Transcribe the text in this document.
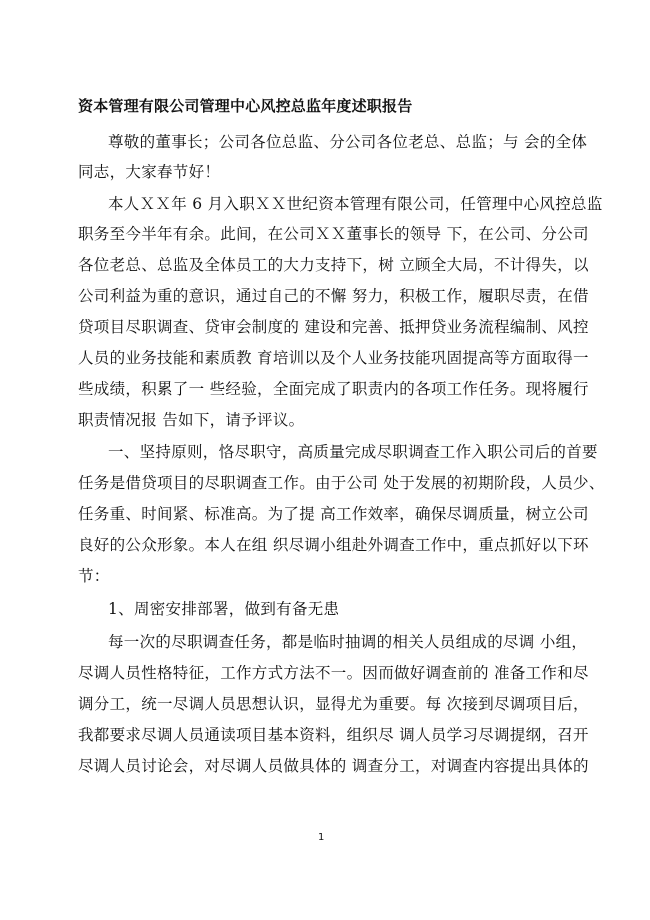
资本管理有限公司管理中心风控总监年度述职报告
尊敬的董事长；公司各位总监、分公司各位老总、总监；与 会的全体
同志，大家春节好！
本人ＸＸ年 6 月入职ＸＸ世纪资本管理有限公司，任管理中心风控总监
职务至今半年有余。此间，在公司ＸＸ董事长的领导 下，在公司、分公司
各位老总、总监及全体员工的大力支持下，树 立顾全大局，不计得失，以
公司利益为重的意识，通过自己的不懈 努力，积极工作，履职尽责，在借
贷项目尽职调查、贷审会制度的 建设和完善、抵押贷业务流程编制、风控
人员的业务技能和素质教 育培训以及个人业务技能巩固提高等方面取得一
些成绩，积累了一 些经验，全面完成了职责内的各项工作任务。现将履行
职责情况报 告如下，请予评议。
一、坚持原则，恪尽职守，高质量完成尽职调查工作入职公司后的首要
任务是借贷项目的尽职调查工作。由于公司 处于发展的初期阶段，人员少、
任务重、时间紧、标准高。为了提 高工作效率，确保尽调质量，树立公司
良好的公众形象。本人在组 织尽调小组赴外调查工作中，重点抓好以下环
节：
1、周密安排部署，做到有备无患
每一次的尽职调查任务，都是临时抽调的相关人员组成的尽调 小组，
尽调人员性格特征，工作方式方法不一。因而做好调查前的 准备工作和尽
调分工，统一尽调人员思想认识，显得尤为重要。每 次接到尽调项目后，
我都要求尽调人员通读项目基本资料，组织尽 调人员学习尽调提纲，召开
尽调人员讨论会，对尽调人员做具体的 调查分工，对调查内容提出具体的
1
